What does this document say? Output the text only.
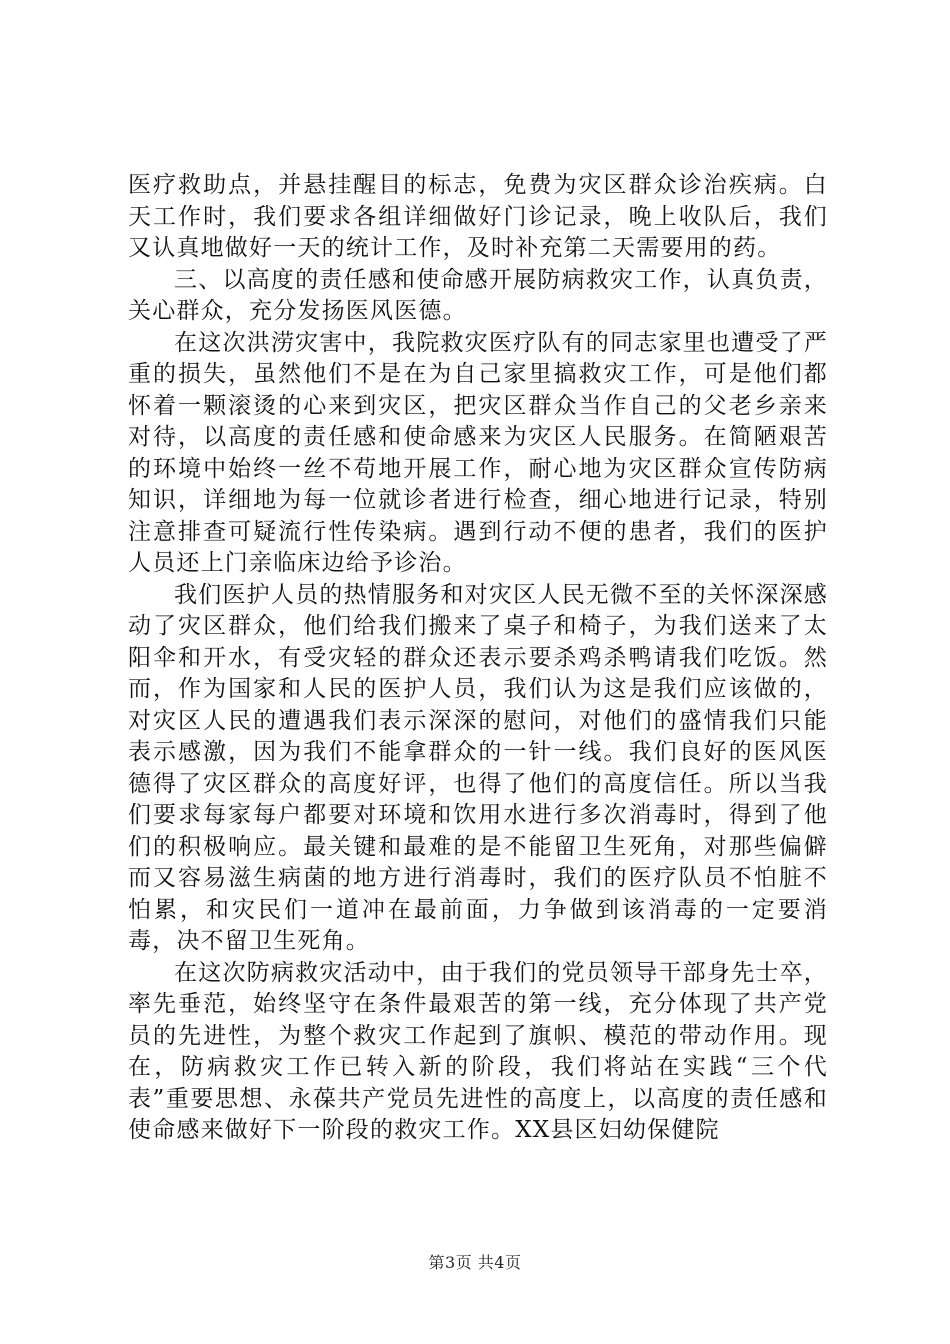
医疗救助点，并悬挂醒目的标志，免费为灾区群众诊治疾病。白天工作时，我们要求各组详细做好门诊记录，晚上收队后，我们又认真地做好一天的统计工作，及时补充第二天需要用的药。

三、以高度的责任感和使命感开展防病救灾工作，认真负责，关心群众，充分发扬医风医德。

在这次洪涝灾害中，我院救灾医疗队有的同志家里也遭受了严重的损失，虽然他们不是在为自己家里搞救灾工作，可是他们都怀着一颗滚烫的心来到灾区，把灾区群众当作自己的父老乡亲来对待，以高度的责任感和使命感来为灾区人民服务。在简陋艰苦的环境中始终一丝不苟地开展工作，耐心地为灾区群众宣传防病知识，详细地为每一位就诊者进行检查，细心地进行记录，特别注意排查可疑流行性传染病。遇到行动不便的患者，我们的医护人员还上门亲临床边给予诊治。

我们医护人员的热情服务和对灾区人民无微不至的关怀深深感动了灾区群众，他们给我们搬来了桌子和椅子，为我们送来了太阳伞和开水，有受灾轻的群众还表示要杀鸡杀鸭请我们吃饭。然而，作为国家和人民的医护人员，我们认为这是我们应该做的，对灾区人民的遭遇我们表示深深的慰问，对他们的盛情我们只能表示感激，因为我们不能拿群众的一针一线。我们良好的医风医德得了灾区群众的高度好评，也得了他们的高度信任。所以当我们要求每家每户都要对环境和饮用水进行多次消毒时，得到了他们的积极响应。最关键和最难的是不能留卫生死角，对那些偏僻而又容易滋生病菌的地方进行消毒时，我们的医疗队员不怕脏不怕累，和灾民们一道冲在最前面，力争做到该消毒的一定要消毒，决不留卫生死角。

在这次防病救灾活动中，由于我们的党员领导干部身先士卒，率先垂范，始终坚守在条件最艰苦的第一线，充分体现了共产党员的先进性，为整个救灾工作起到了旗帜、模范的带动作用。现在，防病救灾工作已转入新的阶段，我们将站在实践“三个代表”重要思想、永葆共产党员先进性的高度上，以高度的责任感和使命感来做好下一阶段的救灾工作。XX县区妇幼保健院

第3页 共4页
